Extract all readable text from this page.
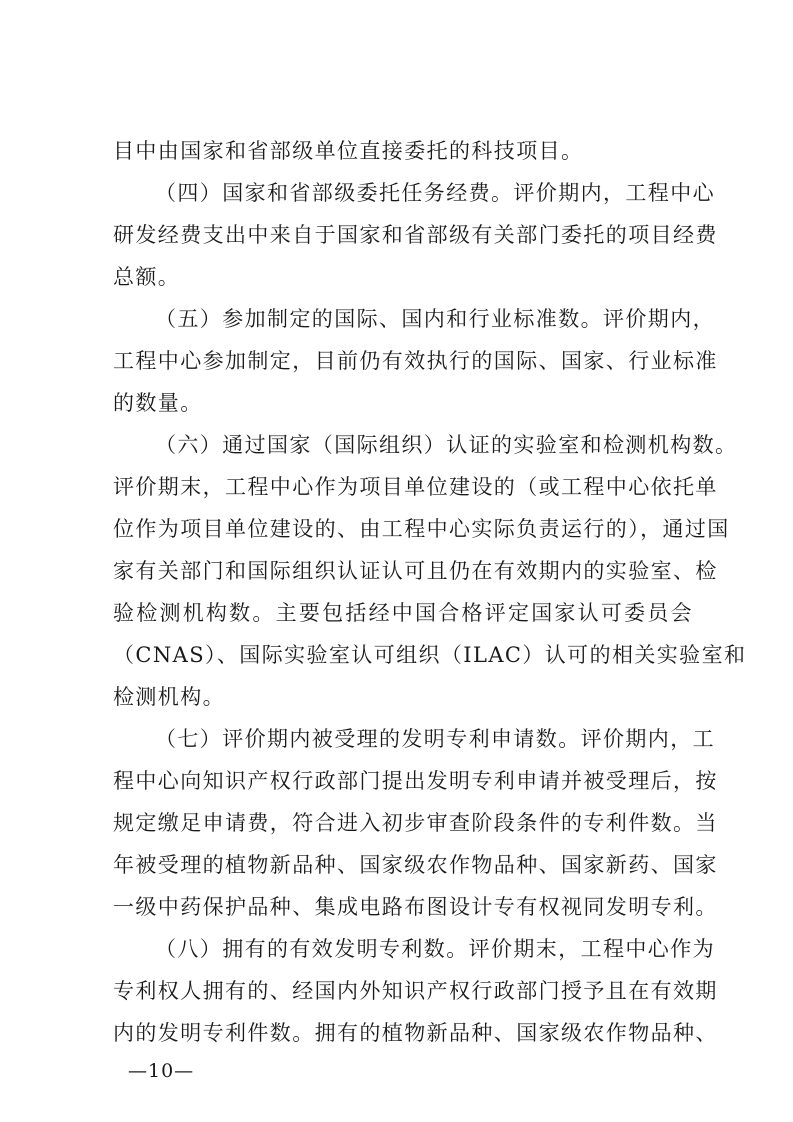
目中由国家和省部级单位直接委托的科技项目。
（四）国家和省部级委托任务经费。评价期内，工程中心
研发经费支出中来自于国家和省部级有关部门委托的项目经费
总额。
（五）参加制定的国际、国内和行业标准数。评价期内，
工程中心参加制定，目前仍有效执行的国际、国家、行业标准
的数量。
（六）通过国家（国际组织）认证的实验室和检测机构数。
评价期末，工程中心作为项目单位建设的（或工程中心依托单
位作为项目单位建设的、由工程中心实际负责运行的），通过国
家有关部门和国际组织认证认可且仍在有效期内的实验室、检
验检测机构数。主要包括经中国合格评定国家认可委员会
（CNAS）、国际实验室认可组织（ILAC）认可的相关实验室和
检测机构。
（七）评价期内被受理的发明专利申请数。评价期内，工
程中心向知识产权行政部门提出发明专利申请并被受理后，按
规定缴足申请费，符合进入初步审查阶段条件的专利件数。当
年被受理的植物新品种、国家级农作物品种、国家新药、国家
一级中药保护品种、集成电路布图设计专有权视同发明专利。
（八）拥有的有效发明专利数。评价期末，工程中心作为
专利权人拥有的、经国内外知识产权行政部门授予且在有效期
内的发明专利件数。拥有的植物新品种、国家级农作物品种、
—10—
